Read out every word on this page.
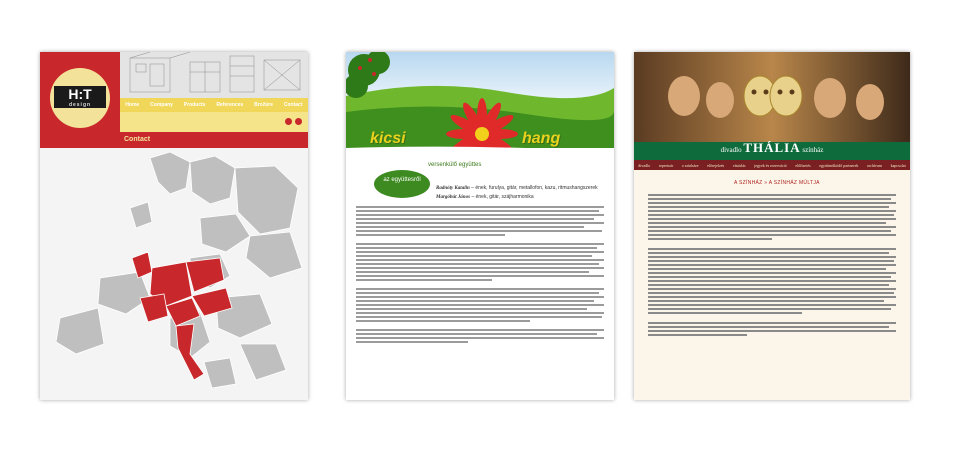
H:T
design	Home Company Products References Brožúre Contact
Contact	kicsi	hang
versenkülő együttes
az együttesről
Radnóty Katalin – ének, furulya, gitár, metallofon, kazu, ritmushangszerek
Margóbút János – ének, gitár, szájharmonika
divadlo THÁLIA színház
divadlo repertoár o színháze előrejelzés vásárlás jegyek és rezerváció előfizetés együttműködő partnerek archívum kapcsolat
A SZÍNHÁZ » A SZÍNHÁZ MÚLTJA
